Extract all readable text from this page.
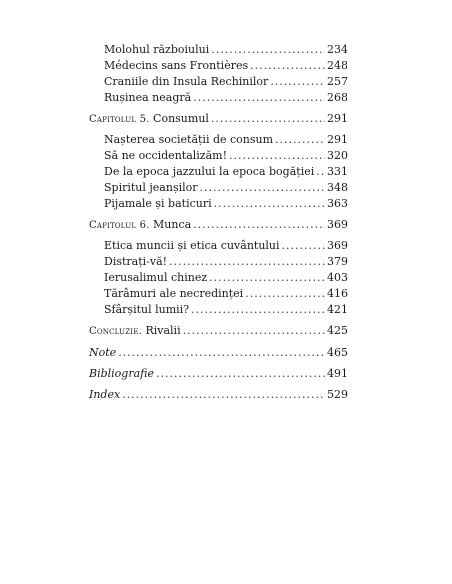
Molohul războiului .....	234
Médecins sans Frontières .....	248
Craniile din Insula Rechinilor .....	257
Rușinea neagră .....	268
Capitolul 5. Consumul .....	291
Nașterea societății de consum .....	291
Să ne occidentalizăm! .....	320
De la epoca jazzului la epoca bogăției ..... 331
Spiritul jeanșilor .....	348
Pijamale și baticuri .....	363
Capitolul 6. Munca .....	369
Etica muncii și etica cuvântului .....	369
Distrați-vă! .....	379
Ierusalimul chinez .....	403
Tărâmuri ale necredinței .....	416
Sfârșitul lumii? .....	421
Concluzie. Rivalii .....	425
Note .....	465
Bibliografie .....	491
Index .....	529
